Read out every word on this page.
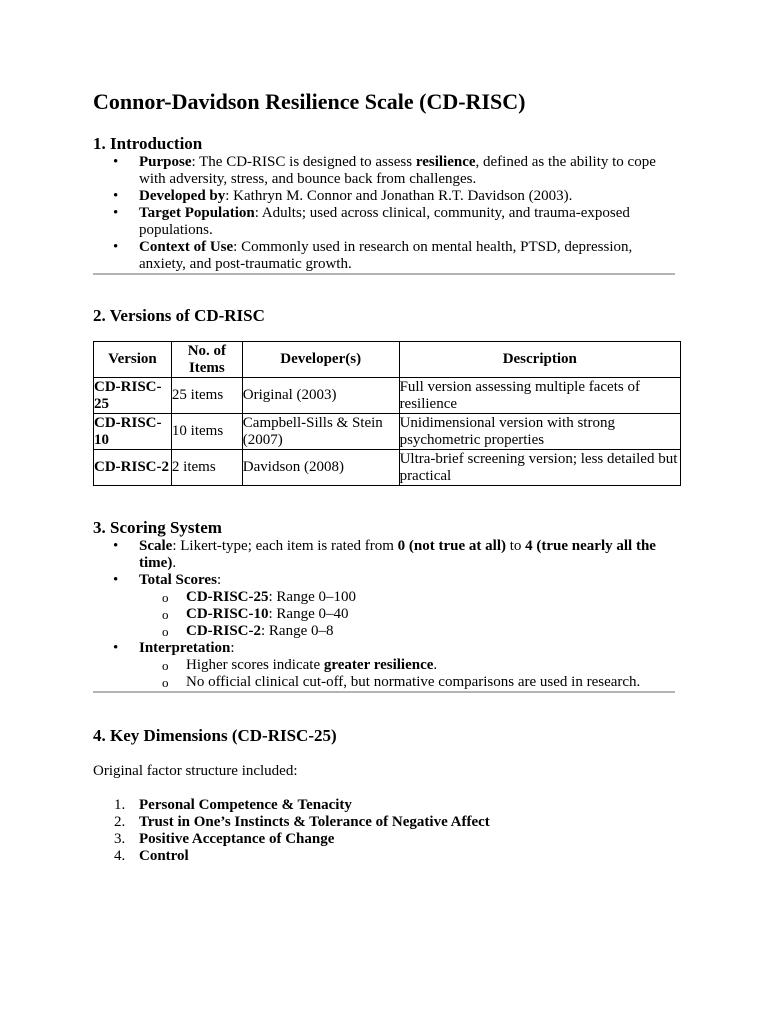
Connor-Davidson Resilience Scale (CD-RISC)
1. Introduction
• Purpose: The CD-RISC is designed to assess resilience, defined as the ability to cope with adversity, stress, and bounce back from challenges.
• Developed by: Kathryn M. Connor and Jonathan R.T. Davidson (2003).
• Target Population: Adults; used across clinical, community, and trauma-exposed populations.
• Context of Use: Commonly used in research on mental health, PTSD, depression, anxiety, and post-traumatic growth.
2. Versions of CD-RISC
Version	No. of Items	Developer(s)	Description
CD-RISC-25	25 items	Original (2003)	Full version assessing multiple facets of resilience
CD-RISC-10	10 items	Campbell-Sills & Stein (2007)	Unidimensional version with strong psychometric properties
CD-RISC-2	2 items	Davidson (2008)	Ultra-brief screening version; less detailed but practical
3. Scoring System
• Scale: Likert-type; each item is rated from 0 (not true at all) to 4 (true nearly all the time).
• Total Scores:
o CD-RISC-25: Range 0–100
o CD-RISC-10: Range 0–40
o CD-RISC-2: Range 0–8
• Interpretation:
o Higher scores indicate greater resilience.
o No official clinical cut-off, but normative comparisons are used in research.
4. Key Dimensions (CD-RISC-25)

Original factor structure included:

1. Personal Competence & Tenacity
2. Trust in One’s Instincts & Tolerance of Negative Affect
3. Positive Acceptance of Change
4. Control
